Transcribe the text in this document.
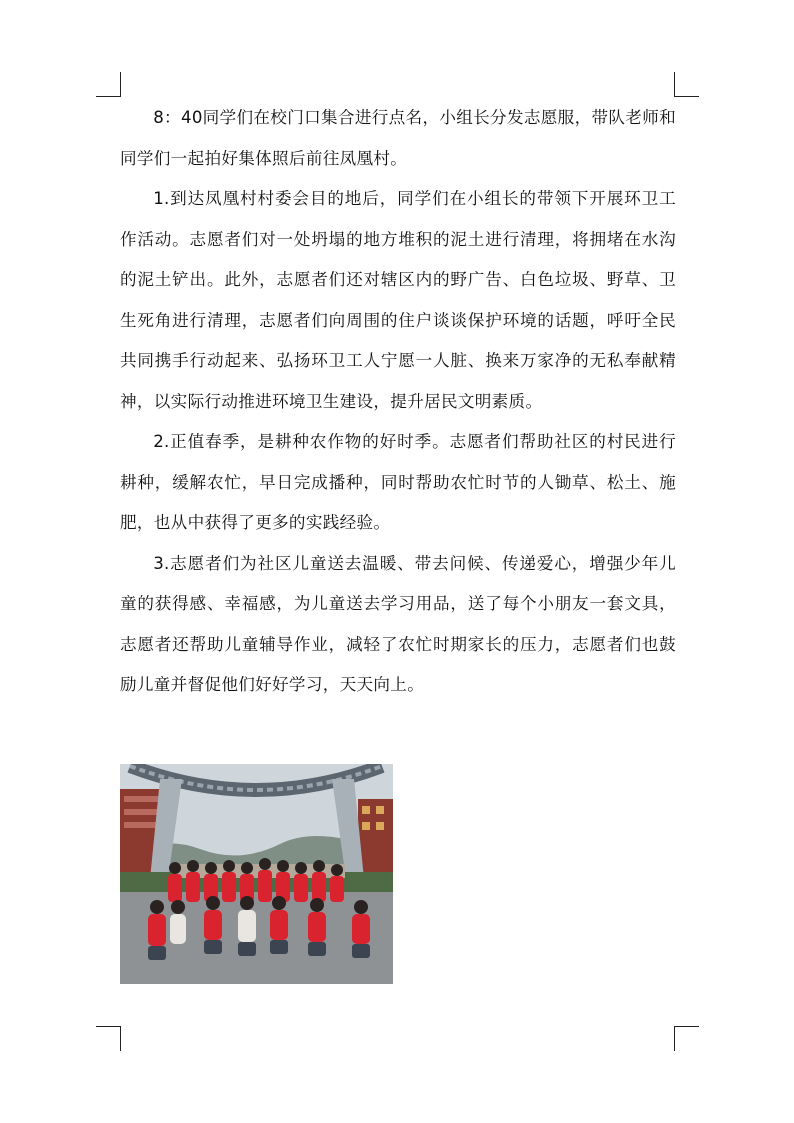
8：40同学们在校门口集合进行点名，小组长分发志愿服，带队老师和同学们一起拍好集体照后前往凤凰村。

1.到达凤凰村村委会目的地后，同学们在小组长的带领下开展环卫工作活动。志愿者们对一处坍塌的地方堆积的泥土进行清理，将拥堵在水沟的泥土铲出。此外，志愿者们还对辖区内的野广告、白色垃圾、野草、卫生死角进行清理，志愿者们向周围的住户谈谈保护环境的话题，呼吁全民共同携手行动起来、弘扬环卫工人宁愿一人脏、换来万家净的无私奉献精神，以实际行动推进环境卫生建设，提升居民文明素质。

2.正值春季，是耕种农作物的好时季。志愿者们帮助社区的村民进行耕种，缓解农忙，早日完成播种，同时帮助农忙时节的人锄草、松土、施肥，也从中获得了更多的实践经验。

3.志愿者们为社区儿童送去温暖、带去问候、传递爱心，增强少年儿童的获得感、幸福感，为儿童送去学习用品，送了每个小朋友一套文具，志愿者还帮助儿童辅导作业，减轻了农忙时期家长的压力，志愿者们也鼓励儿童并督促他们好好学习，天天向上。
